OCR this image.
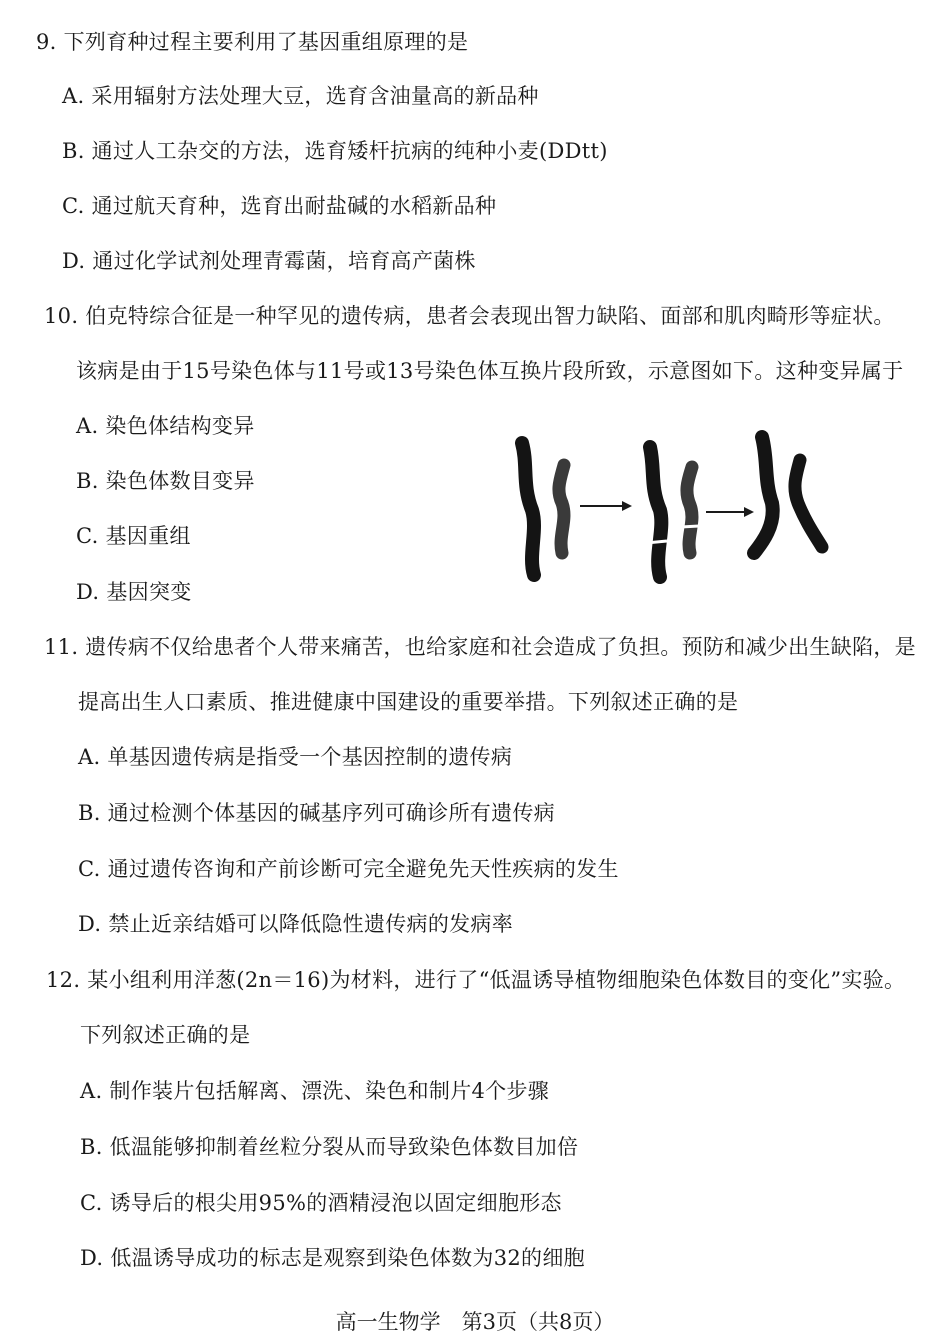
9. 下列育种过程主要利用了基因重组原理的是
A. 采用辐射方法处理大豆，选育含油量高的新品种
B. 通过人工杂交的方法，选育矮杆抗病的纯种小麦(DDtt)
C. 通过航天育种，选育出耐盐碱的水稻新品种
D. 通过化学试剂处理青霉菌，培育高产菌株
10. 伯克特综合征是一种罕见的遗传病，患者会表现出智力缺陷、面部和肌肉畸形等症状。
该病是由于15号染色体与11号或13号染色体互换片段所致，示意图如下。这种变异属于
A. 染色体结构变异
B. 染色体数目变异
C. 基因重组
D. 基因突变
11. 遗传病不仅给患者个人带来痛苦，也给家庭和社会造成了负担。预防和减少出生缺陷，是
提高出生人口素质、推进健康中国建设的重要举措。下列叙述正确的是
A. 单基因遗传病是指受一个基因控制的遗传病
B. 通过检测个体基因的碱基序列可确诊所有遗传病
C. 通过遗传咨询和产前诊断可完全避免先天性疾病的发生
D. 禁止近亲结婚可以降低隐性遗传病的发病率
12. 某小组利用洋葱(2n＝16)为材料，进行了“低温诱导植物细胞染色体数目的变化”实验。
下列叙述正确的是
A. 制作装片包括解离、漂洗、染色和制片4个步骤
B. 低温能够抑制着丝粒分裂从而导致染色体数目加倍
C. 诱导后的根尖用95%的酒精浸泡以固定细胞形态
D. 低温诱导成功的标志是观察到染色体数为32的细胞
高一生物学　第3页（共8页）
